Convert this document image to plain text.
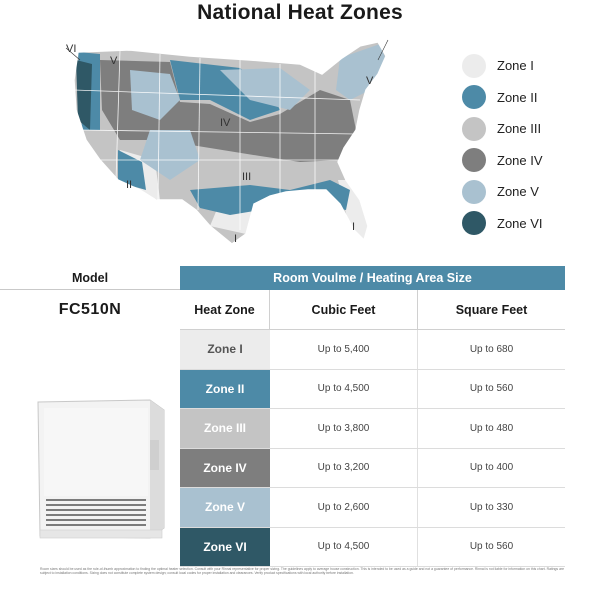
National Heat Zones
VI
V
IV
III
II
I
I
V
Zone I
Zone II
Zone III
Zone IV
Zone V
Zone VI
Model	Room Voulme / Heating Area Size
FC510N	Heat Zone	Cubic Feet	Square Feet
Zone I	Up to 5,400	Up to 680
Zone II	Up to 4,500	Up to 560
Zone III	Up to 3,800	Up to 480
Zone IV	Up to 3,200	Up to 400
Zone V	Up to 2,600	Up to 330
Zone VI	Up to 4,500	Up to 560
Room sizes should be used as the rule-of-thumb approximation to finding the optimal heater selection. Consult with your Rinnai representative for proper sizing. The guidelines apply to average house construction. This is intended to be used as a guide and not a guarantee of performance. Rinnai is not liable for information on this chart. Ratings are subject to installation conditions. Sizing does not constitute complete system design; consult local codes for proper installation and clearances. Verify product specifications with local authority before installation.
